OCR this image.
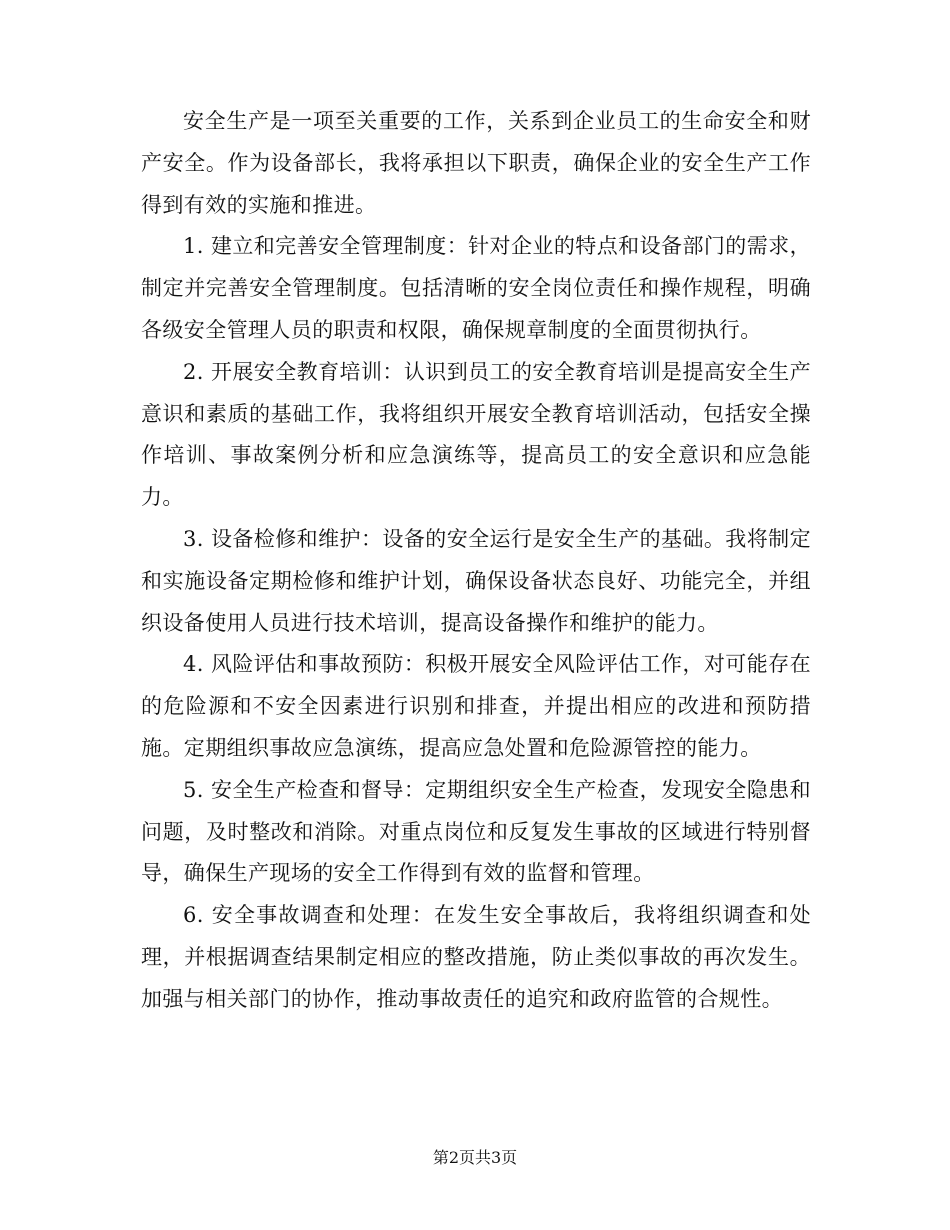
安全生产是一项至关重要的工作，关系到企业员工的生命安全和财产安全。作为设备部长，我将承担以下职责，确保企业的安全生产工作得到有效的实施和推进。

1. 建立和完善安全管理制度：针对企业的特点和设备部门的需求，制定并完善安全管理制度。包括清晰的安全岗位责任和操作规程，明确各级安全管理人员的职责和权限，确保规章制度的全面贯彻执行。

2. 开展安全教育培训：认识到员工的安全教育培训是提高安全生产意识和素质的基础工作，我将组织开展安全教育培训活动，包括安全操作培训、事故案例分析和应急演练等，提高员工的安全意识和应急能力。

3. 设备检修和维护：设备的安全运行是安全生产的基础。我将制定和实施设备定期检修和维护计划，确保设备状态良好、功能完全，并组织设备使用人员进行技术培训，提高设备操作和维护的能力。

4. 风险评估和事故预防：积极开展安全风险评估工作，对可能存在的危险源和不安全因素进行识别和排查，并提出相应的改进和预防措施。定期组织事故应急演练，提高应急处置和危险源管控的能力。

5. 安全生产检查和督导：定期组织安全生产检查，发现安全隐患和问题，及时整改和消除。对重点岗位和反复发生事故的区域进行特别督导，确保生产现场的安全工作得到有效的监督和管理。

6. 安全事故调查和处理：在发生安全事故后，我将组织调查和处理，并根据调查结果制定相应的整改措施，防止类似事故的再次发生。加强与相关部门的协作，推动事故责任的追究和政府监管的合规性。

第2页共3页
